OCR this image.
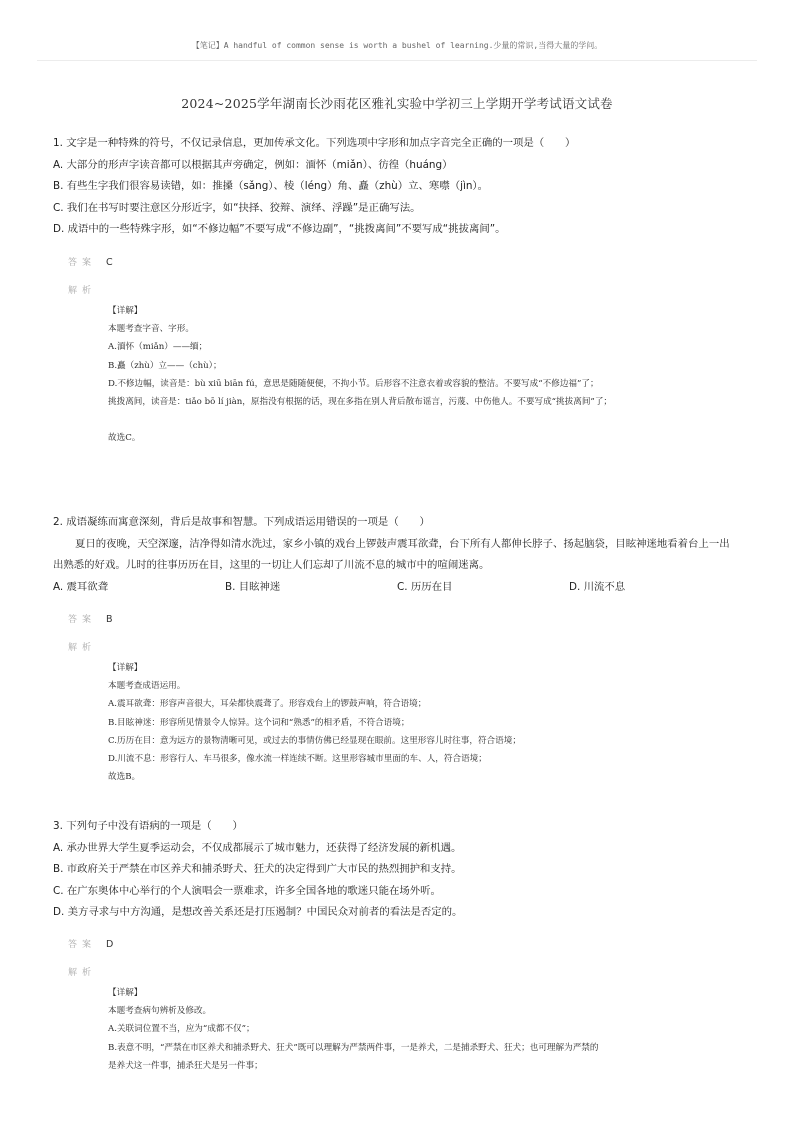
【笔记】A handful of common sense is worth a bushel of learning.少量的常识,当得大量的学问。
2024~2025学年湖南长沙雨花区雅礼实验中学初三上学期开学考试语文试卷
1. 文字是一种特殊的符号，不仅记录信息，更加传承文化。下列选项中字形和加点字音完全正确的一项是（　　）
A. 大部分的形声字读音都可以根据其声旁确定，例如：湎怀（miǎn）、彷徨（huáng）
B. 有些生字我们很容易读错，如：推搡（sǎng）、棱（léng）角、矗（zhù）立、寒噤（jìn）。
C. 我们在书写时要注意区分形近字，如“抉择、狡辩、演绎、浮躁”是正确写法。
D. 成语中的一些特殊字形，如“不修边幅”不要写成“不修边副”，“挑拨离间”不要写成“挑拔离间”。
答案 C
解析
【详解】
本题考查字音、字形。
A.湎怀（miǎn）——缅；
B.矗（zhù）立——（chù）；
D.不修边幅，读音是：bù xiū biān fú，意思是随随便便，不拘小节。后形容不注意衣着或容貌的整洁。不要写成“不修边福”了；
挑拨离间，读音是：tiǎo bō lí jiàn，原指没有根据的话，现在多指在别人背后散布谣言，污蔑、中伤他人。不要写成“挑拔离间”了；

故选C。
2. 成语凝练而寓意深刻，背后是故事和智慧。下列成语运用错误的一项是（　　）
夏日的夜晚，天空深邃，洁净得如清水洗过，家乡小镇的戏台上锣鼓声震耳欲聋，台下所有人都伸长脖子、扬起脑袋，目眩神迷地看着台上一出
出熟悉的好戏。儿时的往事历历在目，这里的一切让人们忘却了川流不息的城市中的喧闹迷离。
A. 震耳欲聋	B. 目眩神迷	C. 历历在目	D. 川流不息
答案 B
解析
【详解】
本题考查成语运用。
A.震耳欲聋：形容声音很大，耳朵都快震聋了。形容戏台上的锣鼓声响，符合语境；
B.目眩神迷：形容所见情景令人惊异。这个词和“熟悉”的相矛盾，不符合语境；
C.历历在目：意为远方的景物清晰可见，或过去的事情仿佛已经显现在眼前。这里形容儿时往事，符合语境；
D.川流不息：形容行人、车马很多，像水流一样连续不断。这里形容城市里面的车、人，符合语境；
故选B。
3. 下列句子中没有语病的一项是（　　）
A. 承办世界大学生夏季运动会，不仅成都展示了城市魅力，还获得了经济发展的新机遇。
B. 市政府关于严禁在市区养犬和捕杀野犬、狂犬的决定得到广大市民的热烈拥护和支持。
C. 在广东奥体中心举行的个人演唱会一票难求，许多全国各地的歌迷只能在场外听。
D. 美方寻求与中方沟通，是想改善关系还是打压遏制？中国民众对前者的看法是否定的。
答案 D
解析
【详解】
本题考查病句辨析及修改。
A.关联词位置不当，应为“成都不仅”；
B.表意不明，“严禁在市区养犬和捕杀野犬、狂犬”既可以理解为严禁两件事，一是养犬，二是捕杀野犬、狂犬；也可理解为严禁的
是养犬这一件事，捕杀狂犬是另一件事；
